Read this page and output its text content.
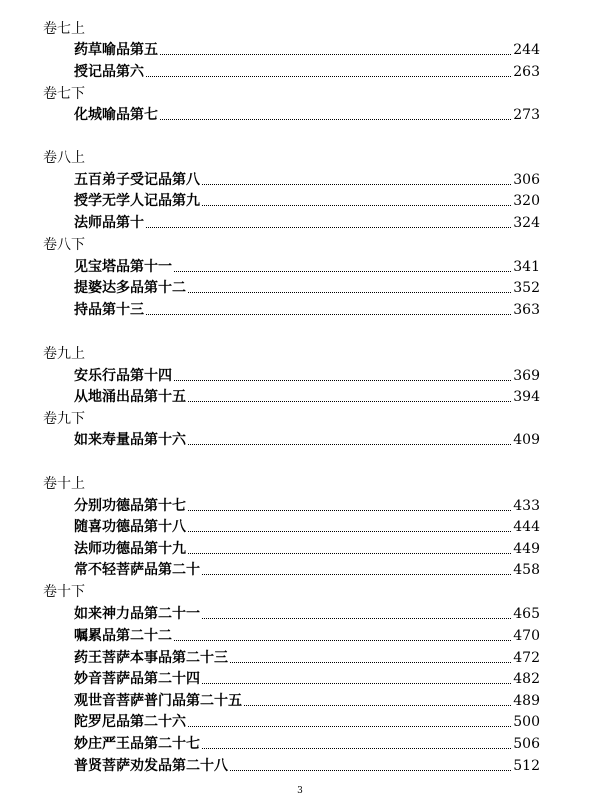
卷七上
药草喻品第五	244
授记品第六	263
卷七下
化城喻品第七	273
卷八上
五百弟子受记品第八	306
授学无学人记品第九	320
法师品第十	324
卷八下
见宝塔品第十一	341
提婆达多品第十二	352
持品第十三	363
卷九上
安乐行品第十四	369
从地涌出品第十五	394
卷九下
如来寿量品第十六	409
卷十上
分别功德品第十七	433
随喜功德品第十八	444
法师功德品第十九	449
常不轻菩萨品第二十	458
卷十下
如来神力品第二十一	465
嘱累品第二十二	470
药王菩萨本事品第二十三	472
妙音菩萨品第二十四	482
观世音菩萨普门品第二十五	489
陀罗尼品第二十六	500
妙庄严王品第二十七	506
普贤菩萨劝发品第二十八	512
3
